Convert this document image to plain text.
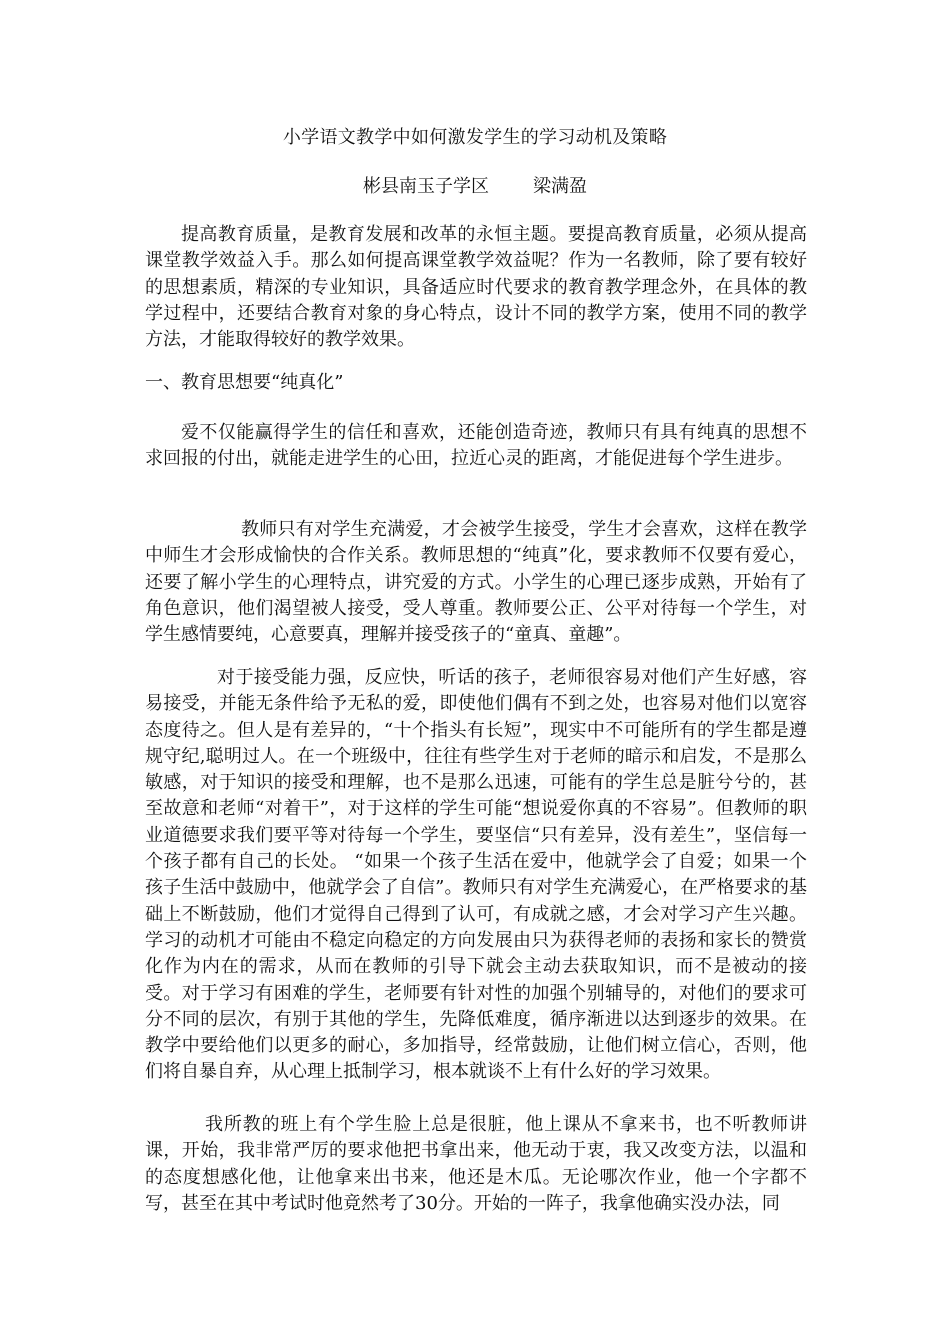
小学语文教学中如何激发学生的学习动机及策略
彬县南玉子学区 梁满盈

提高教育质量，是教育发展和改革的永恒主题。要提高教育质量，必须从提高课堂教学效益入手。那么如何提高课堂教学效益呢？作为一名教师，除了要有较好的思想素质，精深的专业知识，具备适应时代要求的教育教学理念外，在具体的教学过程中，还要结合教育对象的身心特点，设计不同的教学方案，使用不同的教学方法，才能取得较好的教学效果。

一、教育思想要“纯真化”

爱不仅能赢得学生的信任和喜欢，还能创造奇迹，教师只有具有纯真的思想不求回报的付出，就能走进学生的心田，拉近心灵的距离，才能促进每个学生进步。

教师只有对学生充满爱，才会被学生接受，学生才会喜欢，这样在教学中师生才会形成愉快的合作关系。教师思想的“纯真”化，要求教师不仅要有爱心，还要了解小学生的心理特点，讲究爱的方式。小学生的心理已逐步成熟，开始有了角色意识，他们渴望被人接受，受人尊重。教师要公正、公平对待每一个学生，对学生感情要纯，心意要真，理解并接受孩子的“童真、童趣”。

对于接受能力强，反应快，听话的孩子，老师很容易对他们产生好感，容易接受，并能无条件给予无私的爱，即使他们偶有不到之处，也容易对他们以宽容态度待之。但人是有差异的，“十个指头有长短”，现实中不可能所有的学生都是遵规守纪,聪明过人。在一个班级中，往往有些学生对于老师的暗示和启发，不是那么敏感，对于知识的接受和理解，也不是那么迅速，可能有的学生总是脏兮兮的，甚至故意和老师“对着干”，对于这样的学生可能“想说爱你真的不容易”。但教师的职业道德要求我们要平等对待每一个学生，要坚信“只有差异，没有差生”，坚信每一个孩子都有自己的长处。 “如果一个孩子生活在爱中，他就学会了自爱；如果一个孩子生活中鼓励中，他就学会了自信”。教师只有对学生充满爱心，在严格要求的基础上不断鼓励，他们才觉得自己得到了认可，有成就之感，才会对学习产生兴趣。学习的动机才可能由不稳定向稳定的方向发展由只为获得老师的表扬和家长的赞赏化作为内在的需求，从而在教师的引导下就会主动去获取知识，而不是被动的接受。对于学习有困难的学生，老师要有针对性的加强个别辅导的，对他们的要求可分不同的层次，有别于其他的学生，先降低难度，循序渐进以达到逐步的效果。在教学中要给他们以更多的耐心，多加指导，经常鼓励，让他们树立信心，否则，他们将自暴自弃，从心理上抵制学习，根本就谈不上有什么好的学习效果。

我所教的班上有个学生脸上总是很脏，他上课从不拿来书，也不听教师讲课，开始，我非常严厉的要求他把书拿出来，他无动于衷，我又改变方法，以温和的态度想感化他，让他拿来出书来，他还是木瓜。无论哪次作业，他一个字都不写，甚至在其中考试时他竟然考了30分。开始的一阵子，我拿他确实没办法，同
